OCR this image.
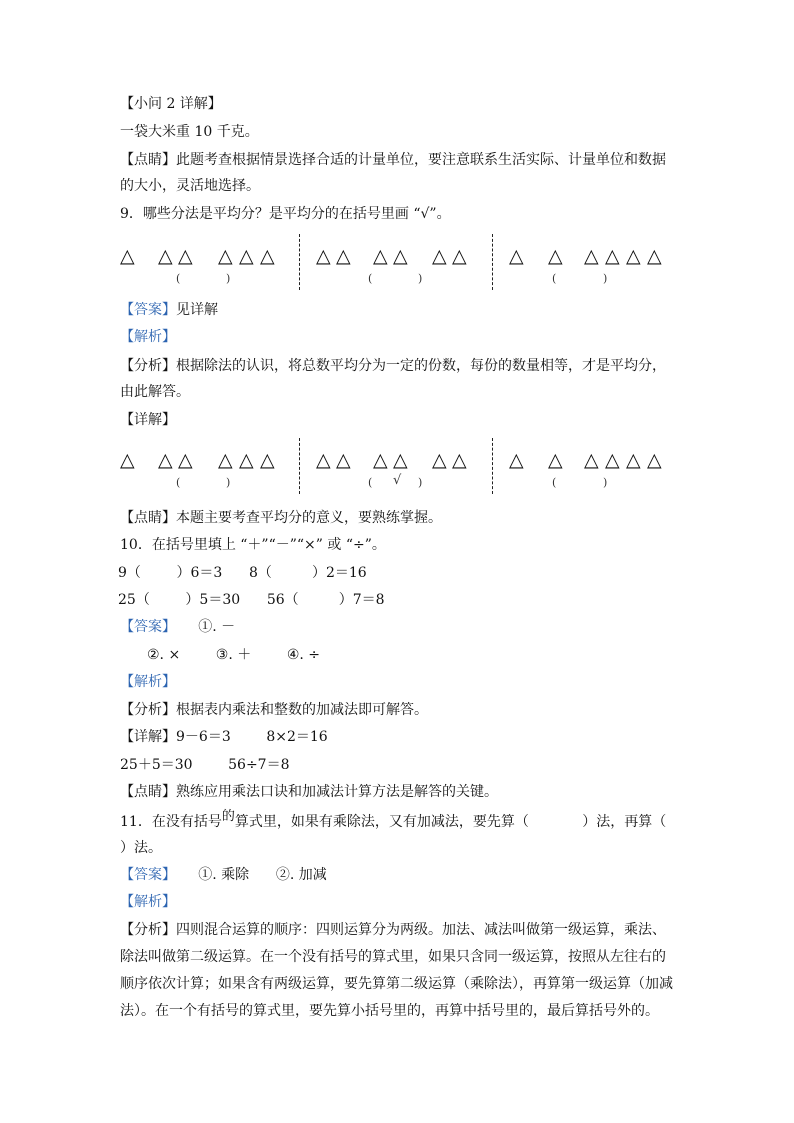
【小问 2 详解】
一袋大米重 10 千克。
【点睛】此题考查根据情景选择合适的计量单位，要注意联系生活实际、计量单位和数据
的大小，灵活地选择。
9．哪些分法是平均分？是平均分的在括号里画 “√”。
△ △ △ △ △ △
(	)
△ △ △ △ △ △
(	)
△ △ △ △ △ △
(	)
【答案】见详解
【解析】
【分析】根据除法的认识，将总数平均分为一定的份数，每份的数量相等，才是平均分，
由此解答。
【详解】
△ △ △ △ △ △
(	)
△ △ △ △ △ △
( √ )
△ △ △ △ △ △
(	)
【点睛】本题主要考查平均分的意义，要熟练掌握。
10．在括号里填上 “＋”“－”“×” 或 “÷”。
9（        ）6＝3      8（         ）2＝16
25（        ）5＝30      56（         ）7＝8
【答案】     ①. －
②. ×        ③. ＋        ④. ÷
【解析】
【分析】根据表内乘法和整数的加减法即可解答。
【详解】9－6＝3        8×2＝16
25＋5＝30        56÷7＝8
【点睛】熟练应用乘法口诀和加减法计算方法是解答的关键。
11．在没有括号的算式里，如果有乘除法，又有加减法，要先算（            ）法，再算（
）法。
【答案】     ①. 乘除      ②. 加减
【解析】
【分析】四则混合运算的顺序：四则运算分为两级。加法、减法叫做第一级运算，乘法、
除法叫做第二级运算。在一个没有括号的算式里，如果只含同一级运算，按照从左往右的
顺序依次计算；如果含有两级运算，要先算第二级运算（乘除法），再算第一级运算（加减
法）。在一个有括号的算式里，要先算小括号里的，再算中括号里的，最后算括号外的。
